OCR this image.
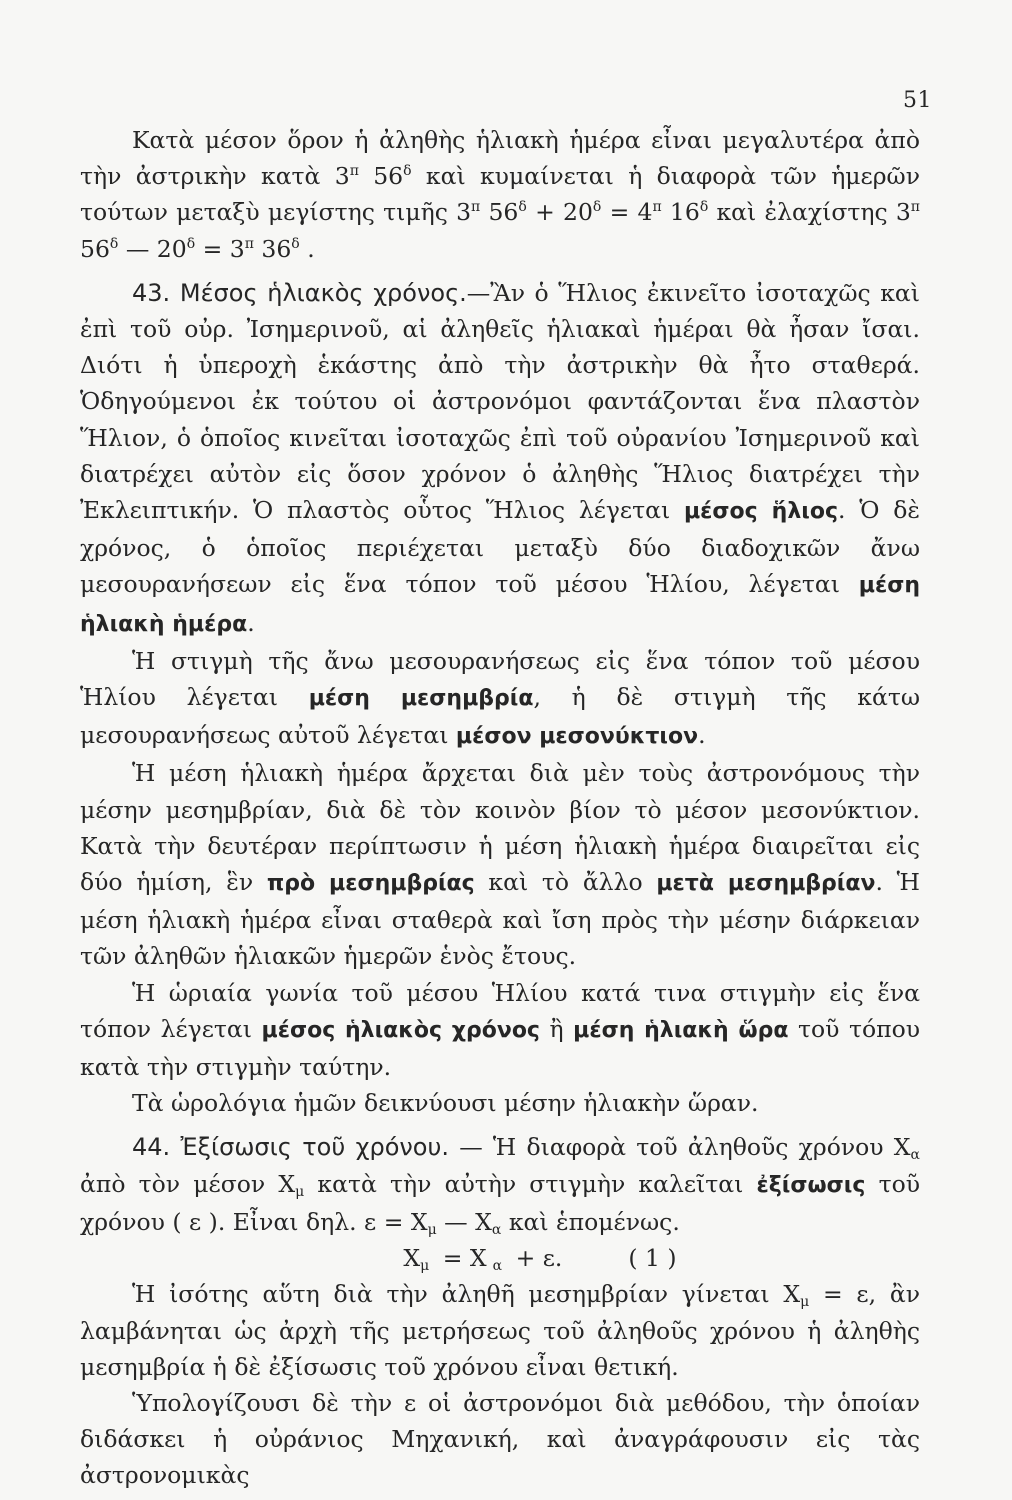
51

Κατὰ μέσον ὅρον ἡ ἀληθὴς ἡλιακὴ ἡμέρα εἶναι μεγαλυτέρα ἀπὸ τὴν ἀστρικὴν κατὰ $3^\pi$ $56^\delta$ καὶ κυμαίνεται ἡ διαφορὰ τῶν ἡμερῶν τούτων μεταξὺ μεγίστης τιμῆς $3^\pi$ $56^\delta + 20^\delta = 4^\pi$ $16^\delta$ καὶ ἐλαχίστης $3^\pi$ $56^\delta$ — $20^\delta = 3^\pi$ $36^\delta$ .

43. Μέσος ἡλιακὸς χρόνος.—Ἂν ὁ Ἥλιος ἐκινεῖτο ἰσοταχῶς καὶ ἐπὶ τοῦ οὐρ. Ἰσημερινοῦ, αἱ ἀληθεῖς ἡλιακαὶ ἡμέραι θὰ ἦσαν ἴσαι. Διότι ἡ ὑπεροχὴ ἑκάστης ἀπὸ τὴν ἀστρικὴν θὰ ἦτο σταθερά. Ὁδηγούμενοι ἐκ τούτου οἱ ἀστρονόμοι φαντάζονται ἕνα πλαστὸν Ἥλιον, ὁ ὁποῖος κινεῖται ἰσοταχῶς ἐπὶ τοῦ οὐρανίου Ἰσημερινοῦ καὶ διατρέχει αὐτὸν εἰς ὅσον χρόνον ὁ ἀληθὴς Ἥλιος διατρέχει τὴν Ἐκλειπτικήν. Ὁ πλαστὸς οὗτος Ἥλιος λέγεται μέσος ἥλιος. Ὁ δὲ χρόνος, ὁ ὁποῖος περιέχεται μεταξὺ δύο διαδοχικῶν ἄνω μεσουρανήσεων εἰς ἕνα τόπον τοῦ μέσου Ἡλίου, λέγεται μέση ἡλιακὴ ἡμέρα.

Ἡ στιγμὴ τῆς ἄνω μεσουρανήσεως εἰς ἕνα τόπον τοῦ μέσου Ἡλίου λέγεται μέση μεσημβρία, ἡ δὲ στιγμὴ τῆς κάτω μεσουρανήσεως αὐτοῦ λέγεται μέσον μεσονύκτιον.

Ἡ μέση ἡλιακὴ ἡμέρα ἄρχεται διὰ μὲν τοὺς ἀστρονόμους τὴν μέσην μεσημβρίαν, διὰ δὲ τὸν κοινὸν βίον τὸ μέσον μεσονύκτιον. Κατὰ τὴν δευτέραν περίπτωσιν ἡ μέση ἡλιακὴ ἡμέρα διαιρεῖται εἰς δύο ἡμίση, ἓν πρὸ μεσημβρίας καὶ τὸ ἄλλο μετὰ μεσημβρίαν. Ἡ μέση ἡλιακὴ ἡμέρα εἶναι σταθερὰ καὶ ἴση πρὸς τὴν μέσην διάρκειαν τῶν ἀληθῶν ἡλιακῶν ἡμερῶν ἑνὸς ἔτους.

Ἡ ὡριαία γωνία τοῦ μέσου Ἡλίου κατά τινα στιγμὴν εἰς ἕνα τόπον λέγεται μέσος ἡλιακὸς χρόνος ἢ μέση ἡλιακὴ ὥρα τοῦ τόπου κατὰ τὴν στιγμὴν ταύτην.

Τὰ ὡρολόγια ἡμῶν δεικνύουσι μέσην ἡλιακὴν ὥραν.

44. Ἐξίσωσις τοῦ χρόνου. — Ἡ διαφορὰ τοῦ ἀληθοῦς χρόνου $X_\alpha$ ἀπὸ τὸν μέσον $X_\mu$ κατὰ τὴν αὐτὴν στιγμὴν καλεῖται ἐξίσωσις τοῦ χρόνου ( ε ). Εἶναι δηλ. $\varepsilon = X_\mu$ — $X_\alpha$ καὶ ἑπομένως.

$X_\mu = X$ $_\alpha$ + ε.	( 1 )

Ἡ ἰσότης αὕτη διὰ τὴν ἀληθῆ μεσημβρίαν γίνεται $X_\mu = \varepsilon$, ἂν λαμβάνηται ὡς ἀρχὴ τῆς μετρήσεως τοῦ ἀληθοῦς χρόνου ἡ ἀληθὴς μεσημβρία ἡ δὲ ἐξίσωσις τοῦ χρόνου εἶναι θετική.

Ὑπολογίζουσι δὲ τὴν ε οἱ ἀστρονόμοι διὰ μεθόδου, τὴν ὁποίαν διδάσκει ἡ οὐράνιος Μηχανική, καὶ ἀναγράφουσιν εἰς τὰς ἀστρονομικὰς
